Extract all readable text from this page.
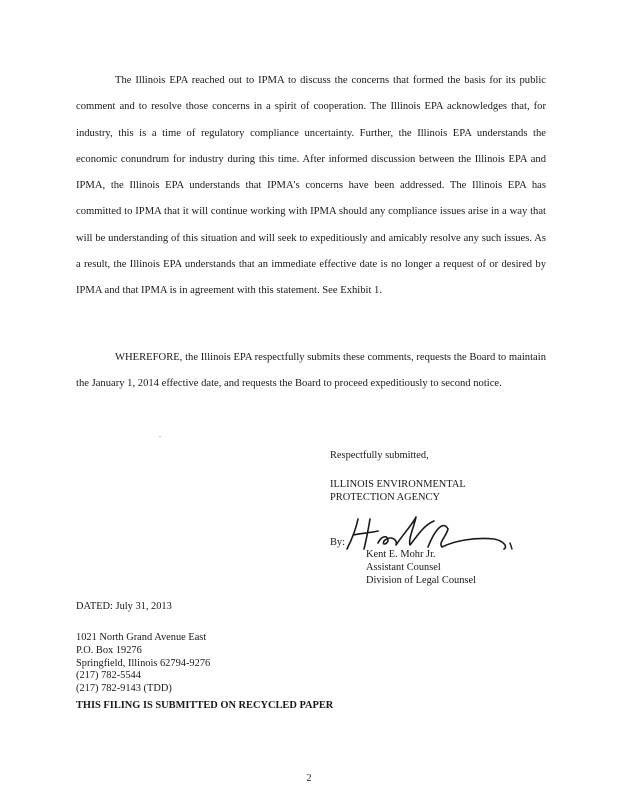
The Illinois EPA reached out to IPMA to discuss the concerns that formed the basis for its public comment and to resolve those concerns in a spirit of cooperation. The Illinois EPA acknowledges that, for industry, this is a time of regulatory compliance uncertainty. Further, the Illinois EPA understands the economic conundrum for industry during this time. After informed discussion between the Illinois EPA and IPMA, the Illinois EPA understands that IPMA's concerns have been addressed. The Illinois EPA has committed to IPMA that it will continue working with IPMA should any compliance issues arise in a way that will be understanding of this situation and will seek to expeditiously and amicably resolve any such issues. As a result, the Illinois EPA understands that an immediate effective date is no longer a request of or desired by IPMA and that IPMA is in agreement with this statement. See Exhibit 1.

WHEREFORE, the Illinois EPA respectfully submits these comments, requests the Board to maintain the January 1, 2014 effective date, and requests the Board to proceed expeditiously to second notice.

.
Respectfully submitted,
ILLINOIS ENVIRONMENTAL
PROTECTION AGENCY
By:
Kent E. Mohr Jr.
Assistant Counsel
Division of Legal Counsel
DATED: July 31, 2013
1021 North Grand Avenue East
P.O. Box 19276
Springfield, Illinois 62794-9276
(217) 782-5544
(217) 782-9143 (TDD)
THIS FILING IS SUBMITTED ON RECYCLED PAPER
2
